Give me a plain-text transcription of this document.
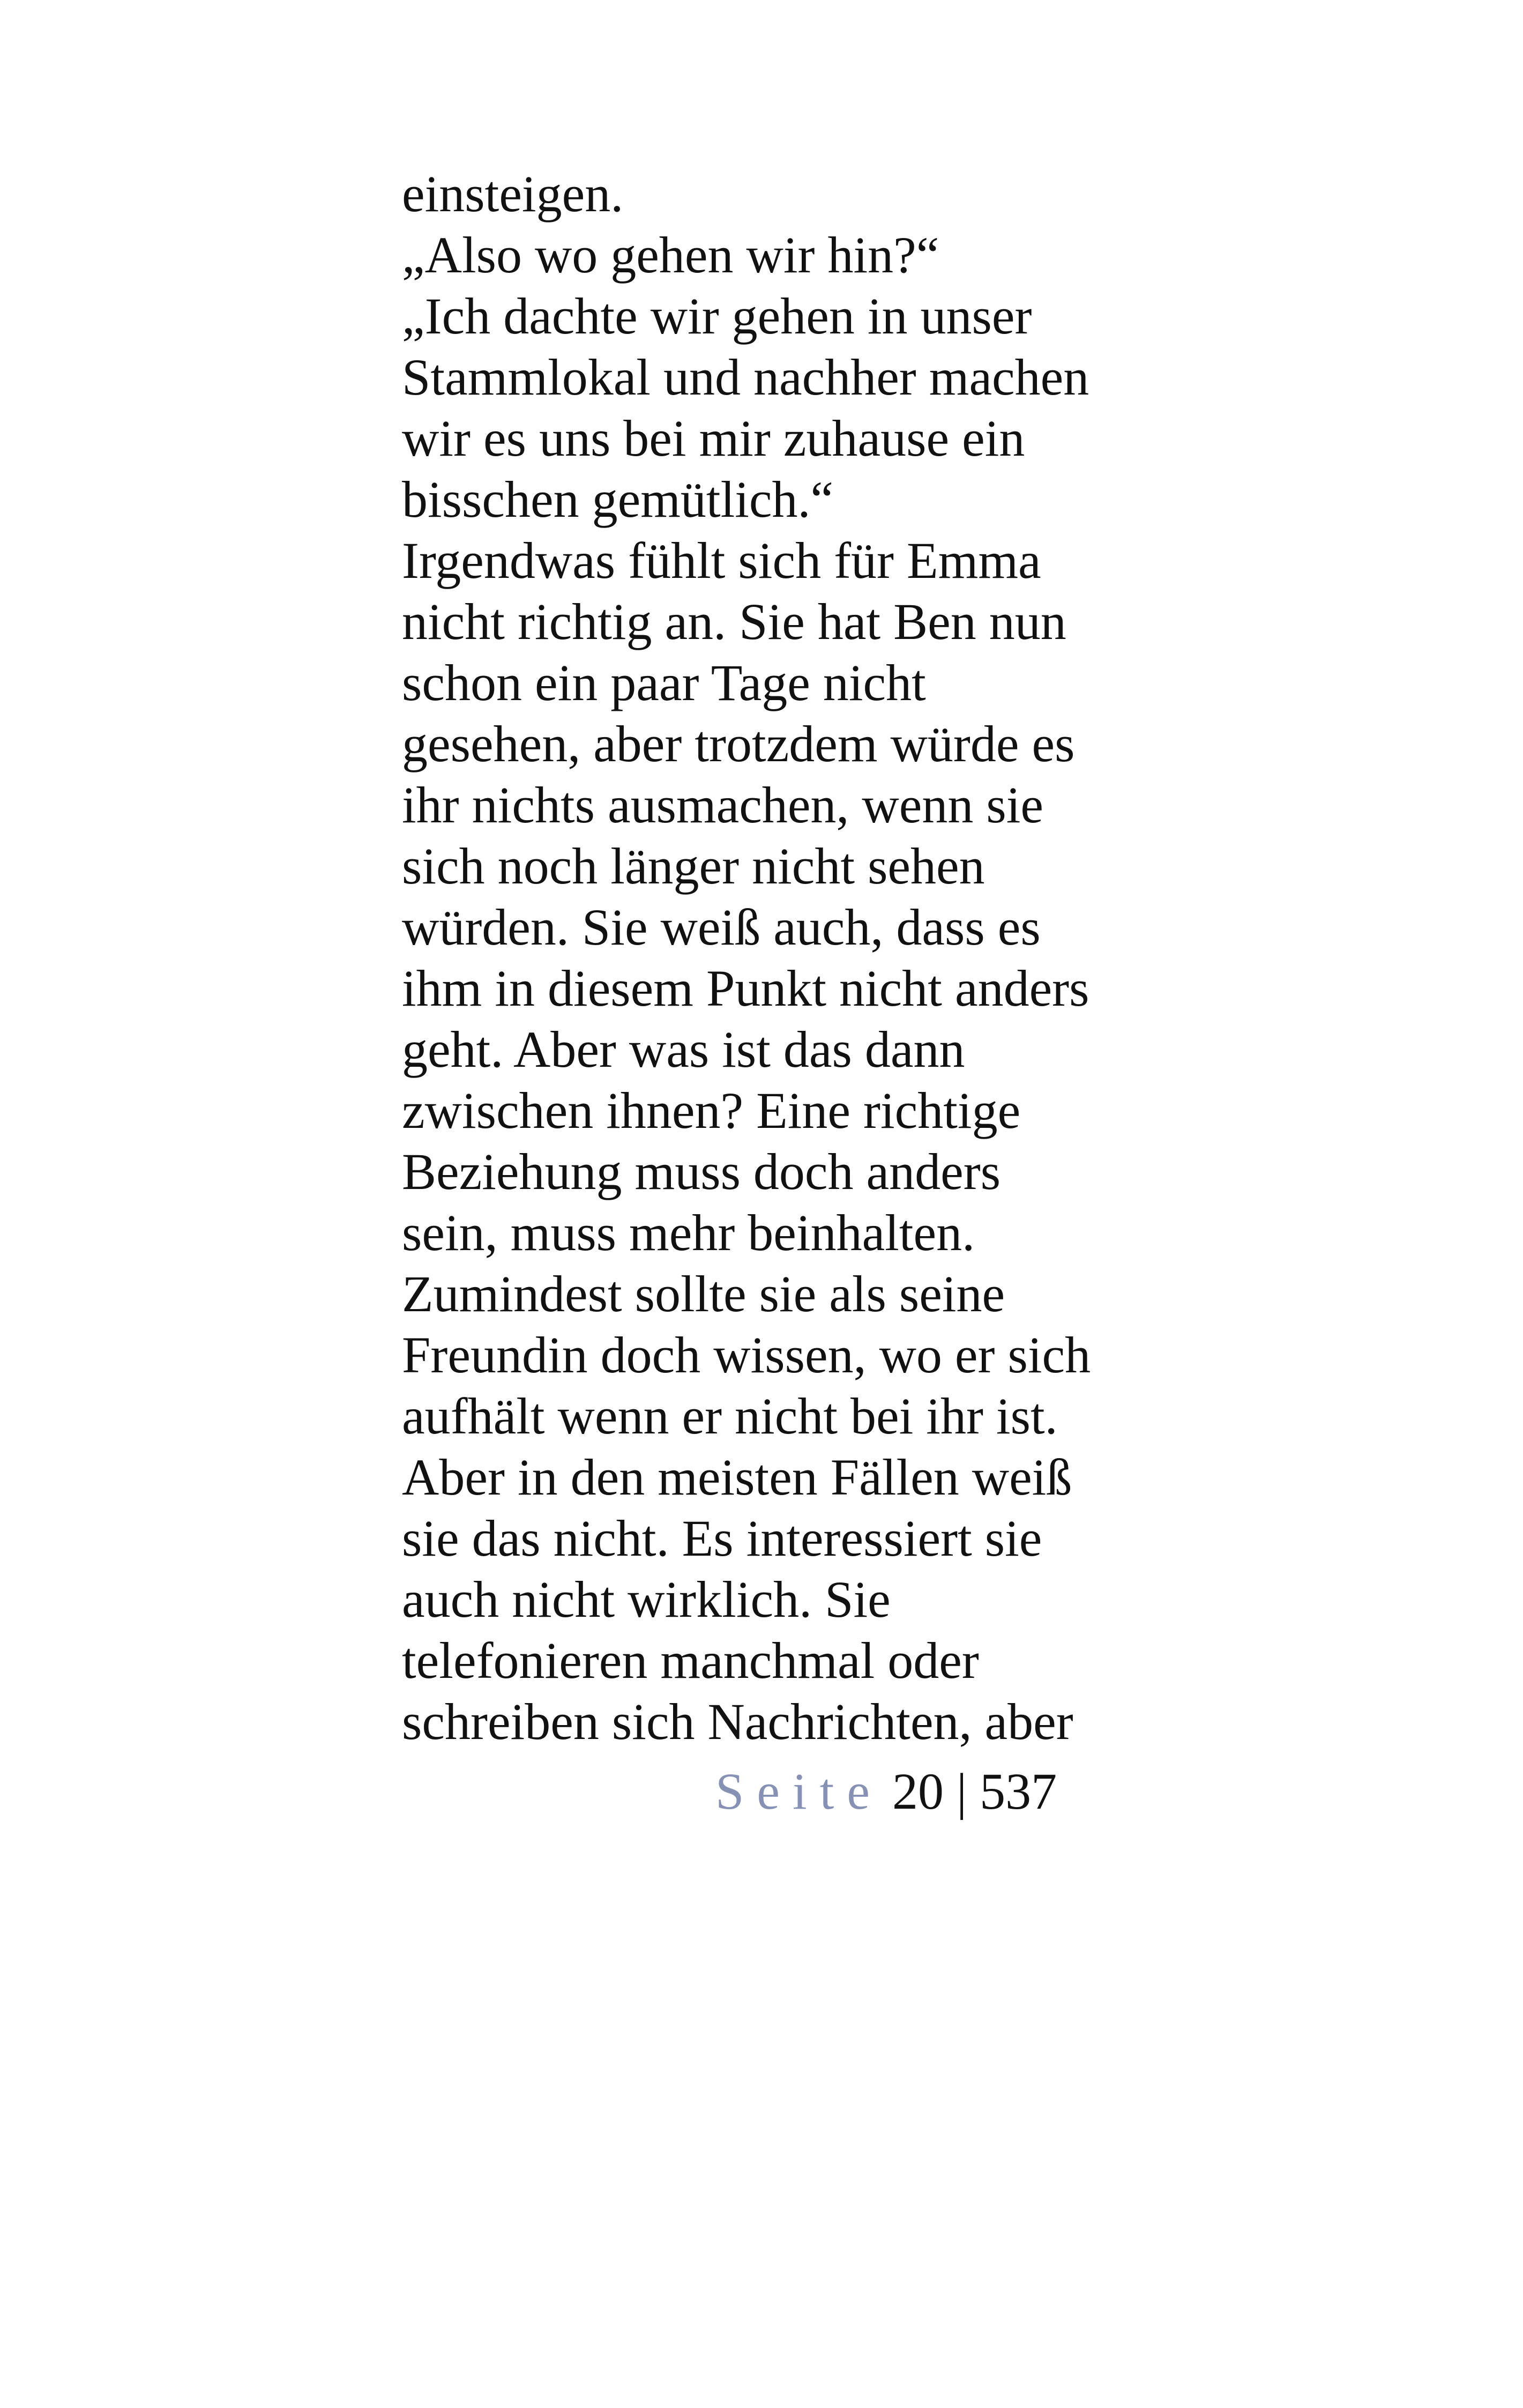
einsteigen.
„Also wo gehen wir hin?“
„Ich dachte wir gehen in unser
Stammlokal und nachher machen
wir es uns bei mir zuhause ein
bisschen gemütlich.“
Irgendwas fühlt sich für Emma
nicht richtig an. Sie hat Ben nun
schon ein paar Tage nicht
gesehen, aber trotzdem würde es
ihr nichts ausmachen, wenn sie
sich noch länger nicht sehen
würden. Sie weiß auch, dass es
ihm in diesem Punkt nicht anders
geht. Aber was ist das dann
zwischen ihnen? Eine richtige
Beziehung muss doch anders
sein, muss mehr beinhalten.
Zumindest sollte sie als seine
Freundin doch wissen, wo er sich
aufhält wenn er nicht bei ihr ist.
Aber in den meisten Fällen weiß
sie das nicht. Es interessiert sie
auch nicht wirklich. Sie
telefonieren manchmal oder
schreiben sich Nachrichten, aber
Seite 20 | 537
